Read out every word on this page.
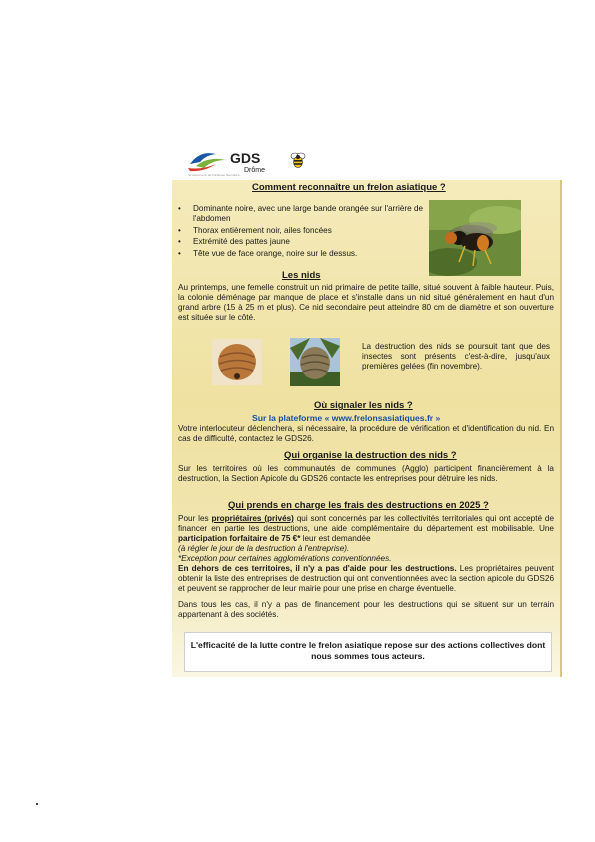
Groupement de Défense Sanitaire
GDS
Drôme
Comment reconnaître un frelon asiatique ?
• Dominante noire, avec une large bande orangée sur l'arrière de l'abdomen
• Thorax entièrement noir, ailes foncées
• Extrémité des pattes jaune
• Tête vue de face orange, noire sur le dessus.
Les nids
Au printemps, une femelle construit un nid primaire de petite taille, situé souvent à faible hauteur. Puis, la colonie déménage par manque de place et s'installe dans un nid situé généralement en haut d'un grand arbre (15 à 25 m et plus). Ce nid secondaire peut atteindre 80 cm de diamètre et son ouverture est située sur le côté.
La destruction des nids se poursuit tant que des insectes sont présents c'est-à-dire, jusqu'aux premières gelées (fin novembre).
Où signaler les nids ?
Sur la plateforme « www.frelonsasiatiques.fr »
Votre interlocuteur déclenchera, si nécessaire, la procédure de vérification et d'identification du nid. En cas de difficulté, contactez le GDS26.
Qui organise la destruction des nids ?
Sur les territoires où les communautés de communes (Agglo) participent financièrement à la destruction, la Section Apicole du GDS26 contacte les entreprises pour détruire les nids.
Qui prends en charge les frais des destructions en 2025 ?
Pour les propriétaires (privés) qui sont concernés par les collectivités territoriales qui ont accepté de financer en partie les destructions, une aide complémentaire du département est mobilisable. Une participation forfaitaire de 75 €* leur est demandée
(à régler le jour de la destruction à l'entreprise).
*Exception pour certaines agglomérations conventionnées.
En dehors de ces territoires, il n'y a pas d'aide pour les destructions. Les propriétaires peuvent obtenir la liste des entreprises de destruction qui ont conventionnées avec la section apicole du GDS26 et peuvent se rapprocher de leur mairie pour une prise en charge éventuelle.
Dans tous les cas, il n'y a pas de financement pour les destructions qui se situent sur un terrain appartenant à des sociétés.
L'efficacité de la lutte contre le frelon asiatique repose sur des actions collectives dont nous sommes tous acteurs.
